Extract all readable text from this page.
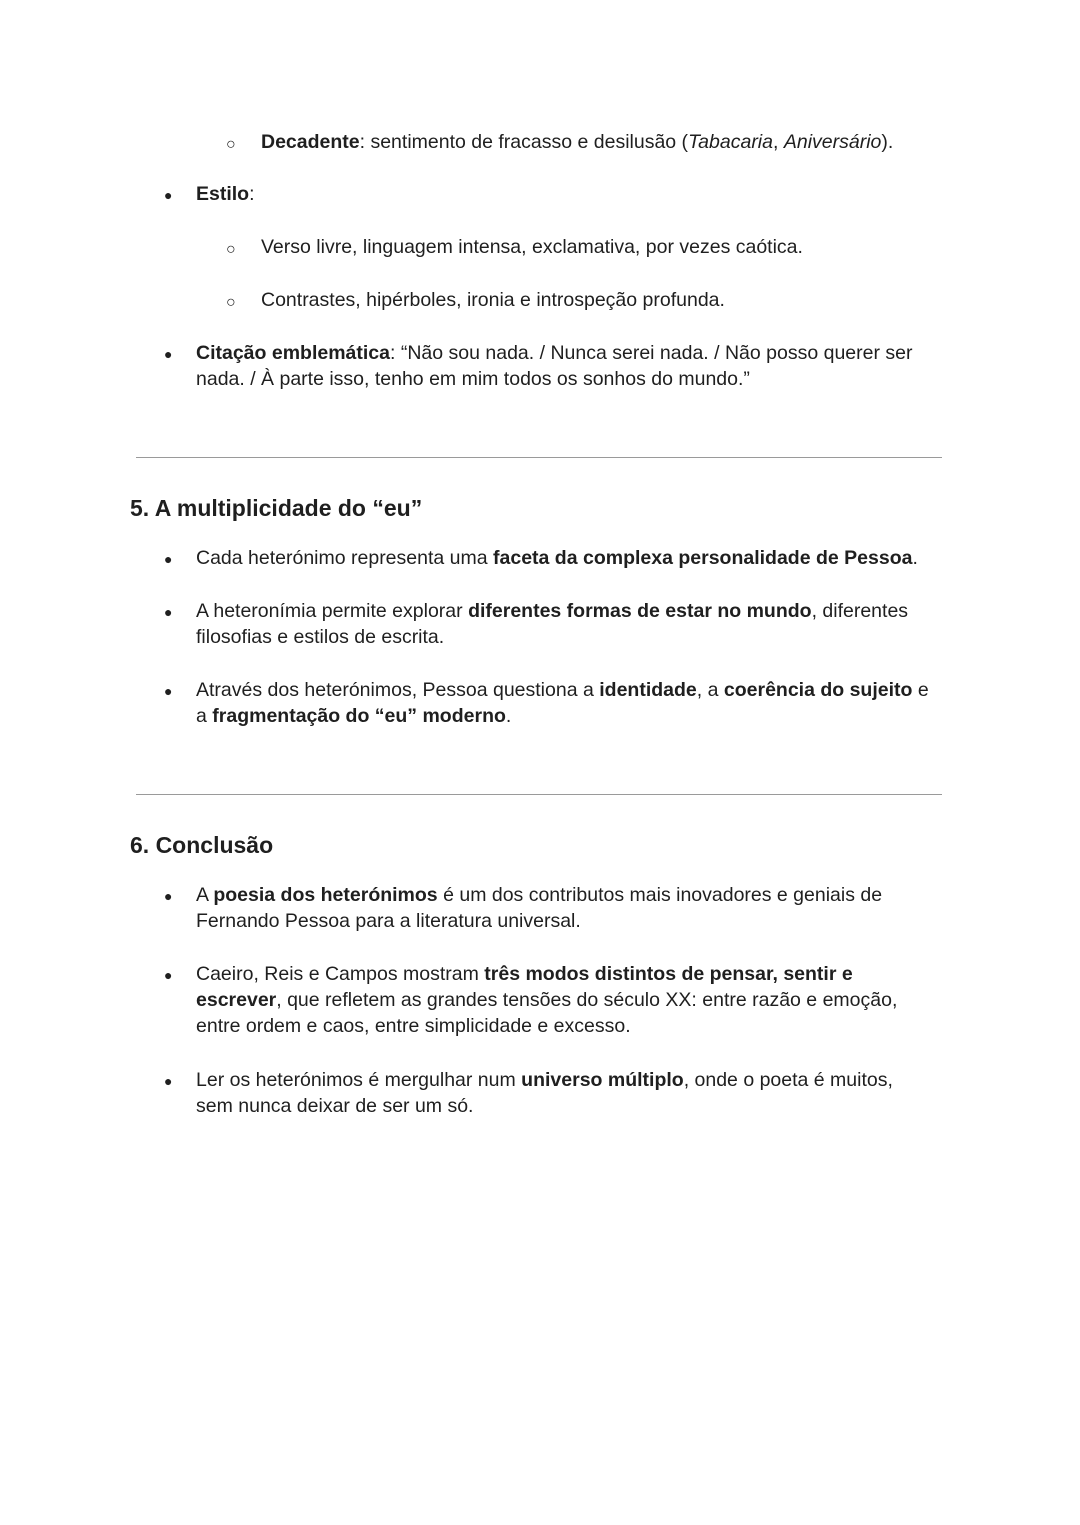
○ Decadente: sentimento de fracasso e desilusão (Tabacaria, Aniversário).
● Estilo:
○ Verso livre, linguagem intensa, exclamativa, por vezes caótica.
○ Contrastes, hipérboles, ironia e introspeção profunda.
● Citação emblemática: “Não sou nada. / Nunca serei nada. / Não posso querer ser
nada. / À parte isso, tenho em mim todos os sonhos do mundo.”
5. A multiplicidade do “eu”
● Cada heterónimo representa uma faceta da complexa personalidade de Pessoa.
● A heteronímia permite explorar diferentes formas de estar no mundo, diferentes
filosofias e estilos de escrita.
● Através dos heterónimos, Pessoa questiona a identidade, a coerência do sujeito e
a fragmentação do “eu” moderno.
6. Conclusão
● A poesia dos heterónimos é um dos contributos mais inovadores e geniais de
Fernando Pessoa para a literatura universal.
● Caeiro, Reis e Campos mostram três modos distintos de pensar, sentir e
escrever, que refletem as grandes tensões do século XX: entre razão e emoção,
entre ordem e caos, entre simplicidade e excesso.
● Ler os heterónimos é mergulhar num universo múltiplo, onde o poeta é muitos,
sem nunca deixar de ser um só.
